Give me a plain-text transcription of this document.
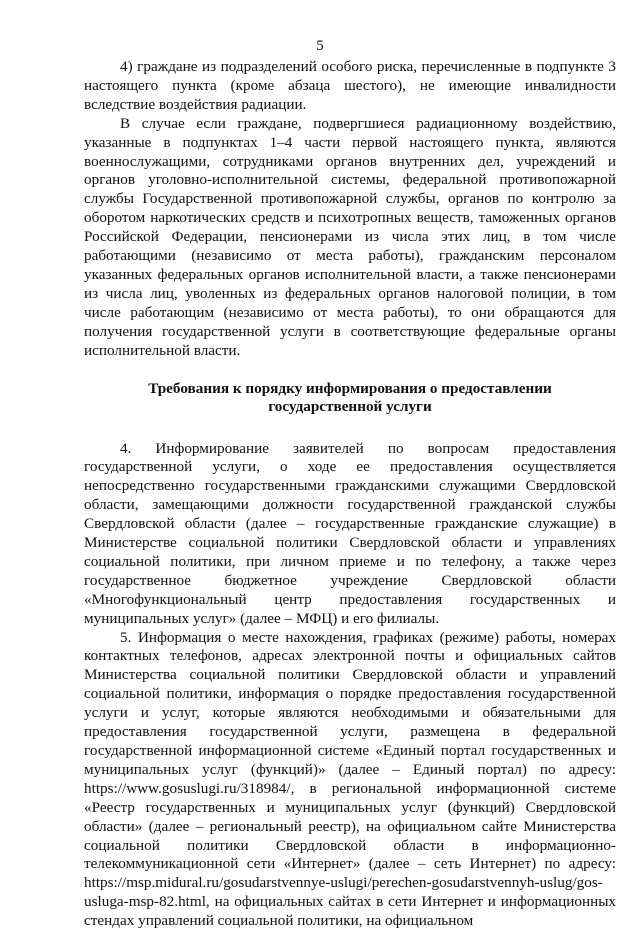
5

4) граждане из подразделений особого риска, перечисленные в подпункте 3 настоящего пункта (кроме абзаца шестого), не имеющие инвалидности вследствие воздействия радиации.

В случае если граждане, подвергшиеся радиационному воздействию, указанные в подпунктах 1–4 части первой настоящего пункта, являются военнослужащими, сотрудниками органов внутренних дел, учреждений и органов уголовно-исполнительной системы, федеральной противопожарной службы Государственной противопожарной службы, органов по контролю за оборотом наркотических средств и психотропных веществ, таможенных органов Российской Федерации, пенсионерами из числа этих лиц, в том числе работающими (независимо от места работы), гражданским персоналом указанных федеральных органов исполнительной власти, а также пенсионерами из числа лиц, уволенных из федеральных органов налоговой полиции, в том числе работающим (независимо от места работы), то они обращаются для получения государственной услуги в соответствующие федеральные органы исполнительной власти.

Требования к порядку информирования о предоставлении
государственной услуги

4. Информирование заявителей по вопросам предоставления государственной услуги, о ходе ее предоставления осуществляется непосредственно государственными гражданскими служащими Свердловской области, замещающими должности государственной гражданской службы Свердловской области (далее – государственные гражданские служащие) в Министерстве социальной политики Свердловской области и управлениях социальной политики, при личном приеме и по телефону, а также через государственное бюджетное учреждение Свердловской области «Многофункциональный центр предоставления государственных и муниципальных услуг» (далее – МФЦ) и его филиалы.

5. Информация о месте нахождения, графиках (режиме) работы, номерах контактных телефонов, адресах электронной почты и официальных сайтов Министерства социальной политики Свердловской области и управлений социальной политики, информация о порядке предоставления государственной услуги и услуг, которые являются необходимыми и обязательными для предоставления государственной услуги, размещена в федеральной государственной информационной системе «Единый портал государственных и муниципальных услуг (функций)» (далее – Единый портал) по адресу: https://www.gosuslugi.ru/318984/, в региональной информационной системе «Реестр государственных и муниципальных услуг (функций) Свердловской области» (далее – региональный реестр), на официальном сайте Министерства социальной политики Свердловской области в информационно-телекоммуникационной сети «Интернет» (далее – сеть Интернет) по адресу: https://msp.midural.ru/gosudarstvennye-uslugi/perechen-gosudarstvennyh-uslug/gos-usluga-msp-82.html, на официальных сайтах в сети Интернет и информационных стендах управлений социальной политики, на официальном
